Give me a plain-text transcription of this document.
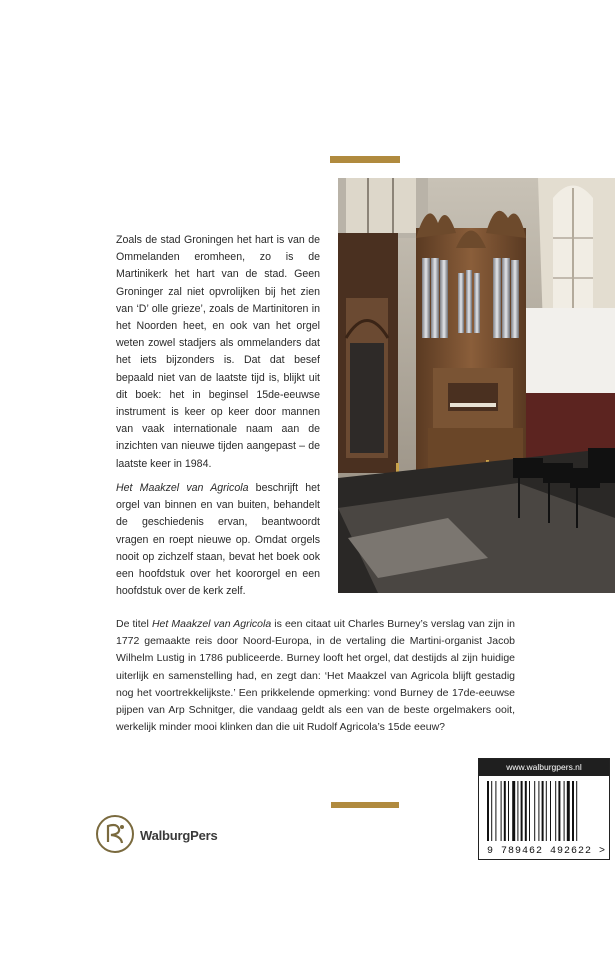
Zoals de stad Groningen het hart is van de Ommelanden eromheen, zo is de Martinikerk het hart van de stad. Geen Groninger zal niet opvrolijken bij het zien van ‘D’ olle grieze’, zoals de Martinitoren in het Noorden heet, en ook van het orgel weten zowel stadjers als ommelanders dat het iets bijzonders is. Dat dat besef bepaald niet van de laatste tijd is, blijkt uit dit boek: het in beginsel 15de-eeuwse instrument is keer op keer door mannen van vaak internationale naam aan de inzichten van nieuwe tijden aangepast – de laatste keer in 1984.

Het Maakzel van Agricola beschrijft het orgel van binnen en van buiten, behandelt de geschiedenis ervan, beantwoordt vragen en roept nieuwe op. Omdat orgels nooit op zichzelf staan, bevat het boek ook een hoofdstuk over het koororgel en een hoofdstuk over de kerk zelf.

De titel Het Maakzel van Agricola is een citaat uit Charles Burney’s verslag van zijn in 1772 gemaakte reis door Noord-Europa, in de vertaling die Martini-organist Jacob Wilhelm Lustig in 1786 publiceerde. Burney looft het orgel, dat destijds al zijn huidige uiterlijk en samenstelling had, en zegt dan: ‘Het Maakzel van Agricola blijft gestadig nog het voortrekkelijkste.’ Een prikkelende opmerking: vond Burney de 17de-eeuwse pijpen van Arp Schnitger, die vandaag geldt als een van de beste orgelmakers ooit, werkelijk minder mooi klinken dan die uit Rudolf Agricola’s 15de eeuw?

www.walburgpers.nl
9 789462 492622 >
WalburgPers
